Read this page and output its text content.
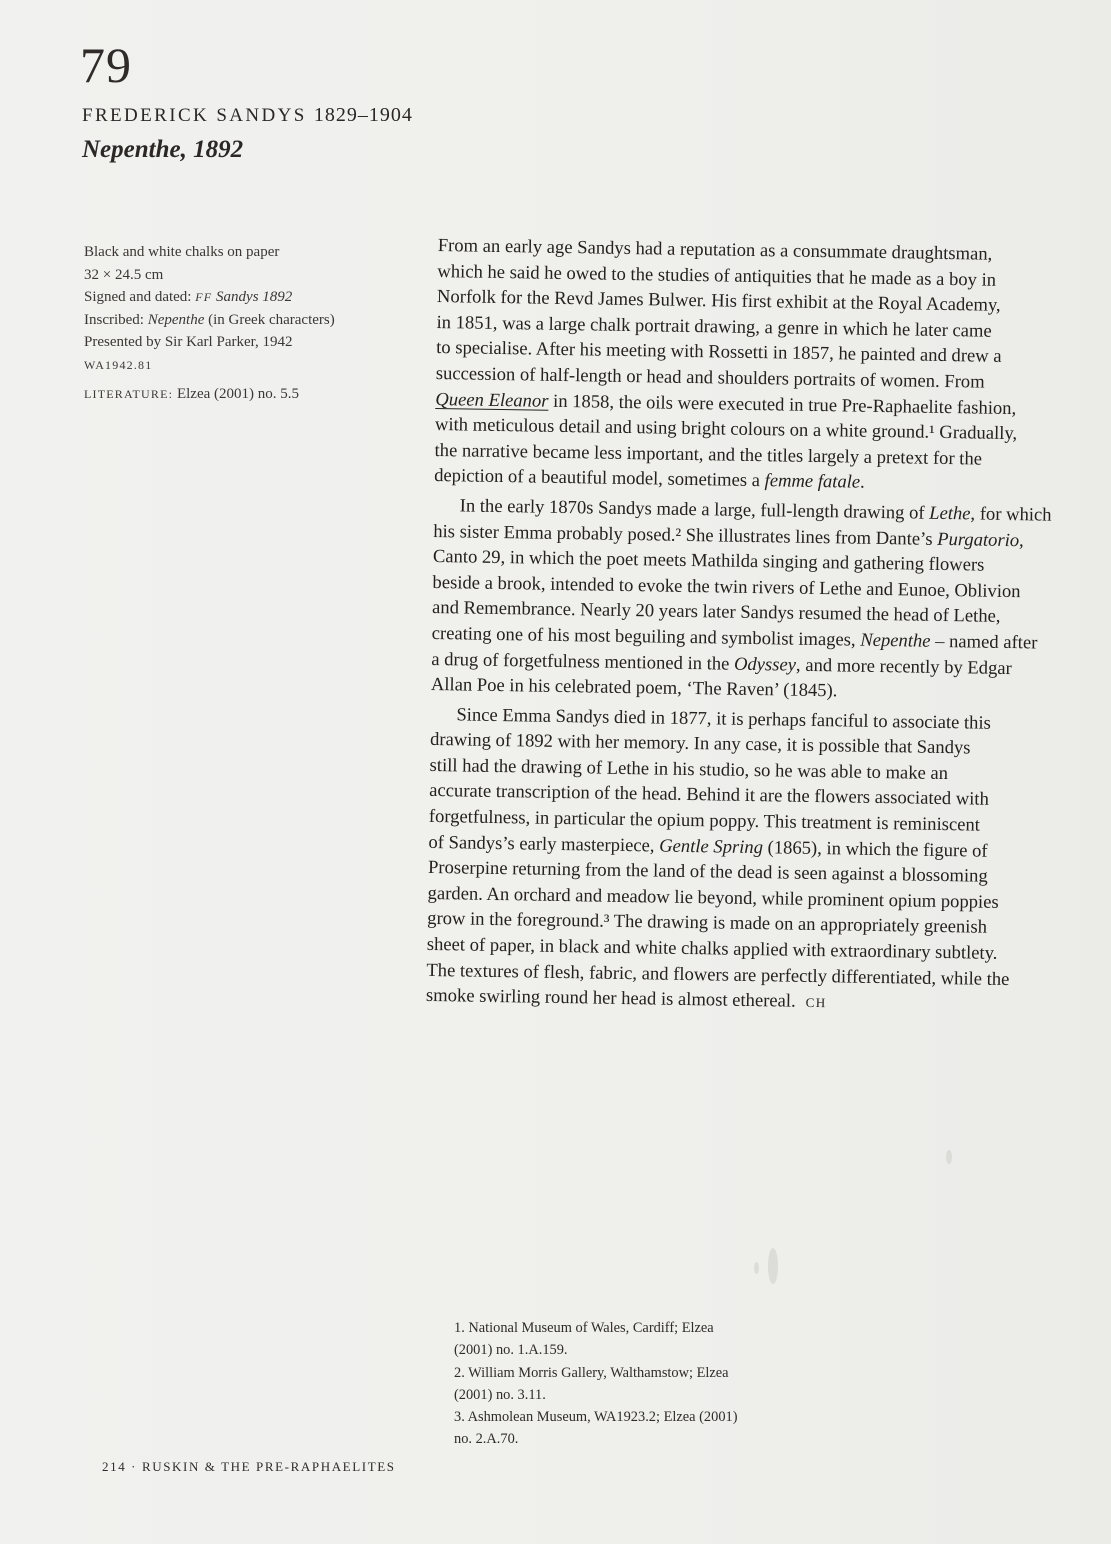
79
FREDERICK SANDYS 1829–1904
Nepenthe, 1892
Black and white chalks on paper
32 × 24.5 cm
Signed and dated: FF Sandys 1892
Inscribed: Nepenthe (in Greek characters)
Presented by Sir Karl Parker, 1942
WA1942.81
LITERATURE: Elzea (2001) no. 5.5

From an early age Sandys had a reputation as a consummate draughtsman,
which he said he owed to the studies of antiquities that he made as a boy in
Norfolk for the Revd James Bulwer. His first exhibit at the Royal Academy,
in 1851, was a large chalk portrait drawing, a genre in which he later came
to specialise. After his meeting with Rossetti in 1857, he painted and drew a
succession of half-length or head and shoulders portraits of women. From
Queen Eleanor in 1858, the oils were executed in true Pre-Raphaelite fashion,
with meticulous detail and using bright colours on a white ground.¹ Gradually,
the narrative became less important, and the titles largely a pretext for the
depiction of a beautiful model, sometimes a femme fatale.

In the early 1870s Sandys made a large, full-length drawing of Lethe, for which
his sister Emma probably posed.² She illustrates lines from Dante’s Purgatorio,
Canto 29, in which the poet meets Mathilda singing and gathering flowers
beside a brook, intended to evoke the twin rivers of Lethe and Eunoe, Oblivion
and Remembrance. Nearly 20 years later Sandys resumed the head of Lethe,
creating one of his most beguiling and symbolist images, Nepenthe – named after
a drug of forgetfulness mentioned in the Odyssey, and more recently by Edgar
Allan Poe in his celebrated poem, ‘The Raven’ (1845).

Since Emma Sandys died in 1877, it is perhaps fanciful to associate this
drawing of 1892 with her memory. In any case, it is possible that Sandys
still had the drawing of Lethe in his studio, so he was able to make an
accurate transcription of the head. Behind it are the flowers associated with
forgetfulness, in particular the opium poppy. This treatment is reminiscent
of Sandys’s early masterpiece, Gentle Spring (1865), in which the figure of
Proserpine returning from the land of the dead is seen against a blossoming
garden. An orchard and meadow lie beyond, while prominent opium poppies
grow in the foreground.³ The drawing is made on an appropriately greenish
sheet of paper, in black and white chalks applied with extraordinary subtlety.
The textures of flesh, fabric, and flowers are perfectly differentiated, while the
smoke swirling round her head is almost ethereal. CH

1. National Museum of Wales, Cardiff; Elzea
(2001) no. 1.A.159.
2. William Morris Gallery, Walthamstow; Elzea
(2001) no. 3.11.
3. Ashmolean Museum, WA1923.2; Elzea (2001)
no. 2.A.70.
214 · RUSKIN & THE PRE-RAPHAELITES
